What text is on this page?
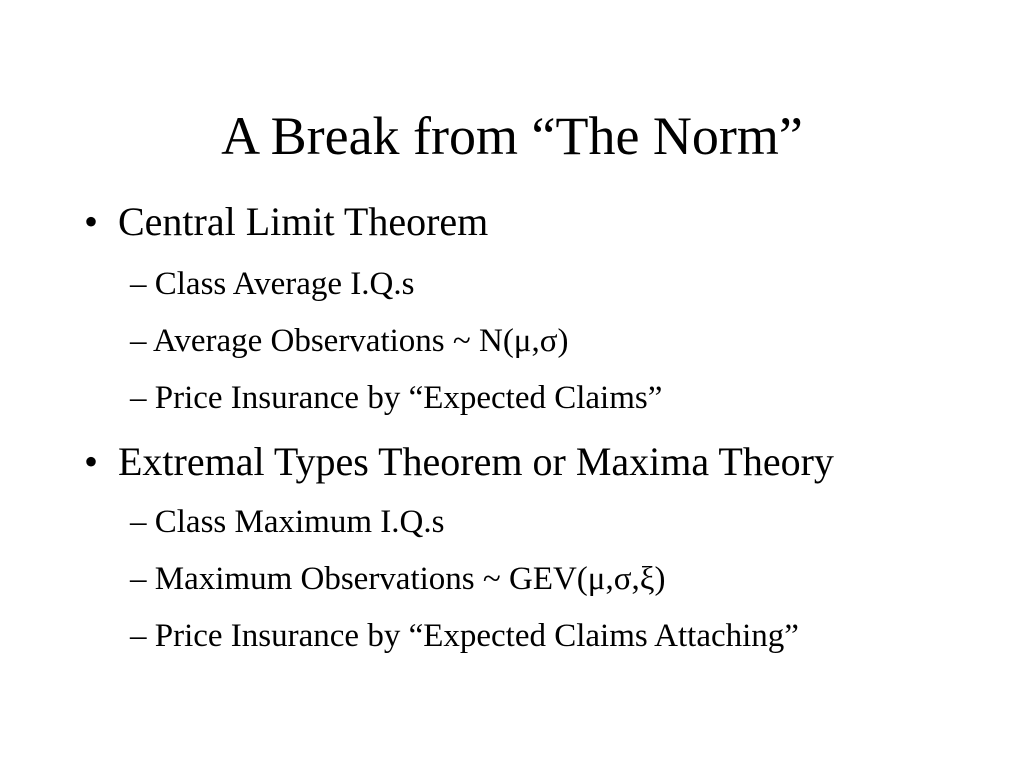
A Break from “The Norm”
• Central Limit Theorem
– Class Average I.Q.s
– Average Observations ~ N(μ,σ)
– Price Insurance by “Expected Claims”
• Extremal Types Theorem or Maxima Theory
– Class Maximum I.Q.s
– Maximum Observations ~ GEV(μ,σ,ξ)
– Price Insurance by “Expected Claims Attaching”
